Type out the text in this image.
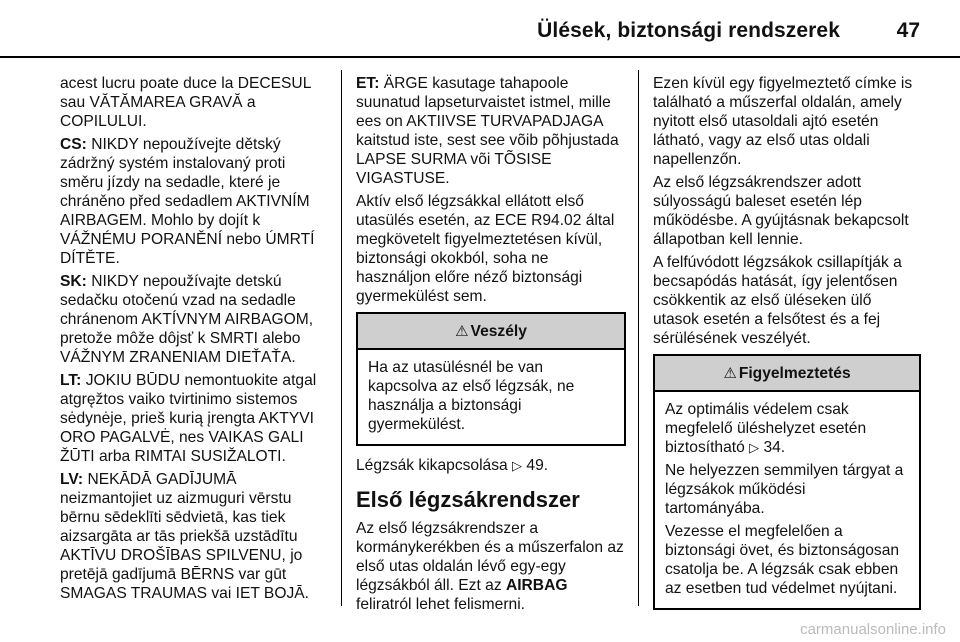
Ülések, biztonsági rendszerek	47

acest lucru poate duce la DECESUL sau VĂTĂMAREA GRAVĂ a COPILULUI.

CS: NIKDY nepoužívejte dětský zádržný systém instalovaný proti směru jízdy na sedadle, které je chráněno před sedadlem AKTIVNÍM AIRBAGEM. Mohlo by dojít k VÁŽNÉMU PORANĚNÍ nebo ÚMRTÍ DÍTĚTE.

SK: NIKDY nepoužívajte detskú sedačku otočenú vzad na sedadle chránenom AKTÍVNYM AIRBAGOM, pretože môže dôjsť k SMRTI alebo VÁŽNYM ZRANENIAM DIEŤAŤA.

LT: JOKIU BŪDU nemontuokite atgal atgręžtos vaiko tvirtinimo sistemos sėdynėje, prieš kurią įrengta AKTYVI ORO PAGALVĖ, nes VAIKAS GALI ŽŪTI arba RIMTAI SUSIŽALOTI.

LV: NEKĀDĀ GADĪJUMĀ neizmantojiet uz aizmuguri vērstu bērnu sēdeklīti sēdvietā, kas tiek aizsargāta ar tās priekšā uzstādītu AKTĪVU DROŠĪBAS SPILVENU, jo pretējā gadījumā BĒRNS var gūt SMAGAS TRAUMAS vai IET BOJĀ.

ET: ÄRGE kasutage tahapoole suunatud lapseturvaistet istmel, mille ees on AKTIIVSE TURVAPADJAGA kaitstud iste, sest see võib põhjustada LAPSE SURMA või TÕSISE VIGASTUSE.

Aktív első légzsákkal ellátott első utasülés esetén, az ECE R94.02 által megkövetelt figyelmeztetésen kívül, biztonsági okokból, soha ne használjon előre néző biztonsági gyermekülést sem.

⚠ Veszély

Ha az utasülésnél be van kapcsolva az első légzsák, ne használja a biztonsági gyermekülést.

Légzsák kikapcsolása ▷ 49.

Első légzsákrendszer

Az első légzsákrendszer a kormánykerékben és a műszerfalon az első utas oldalán lévő egy-egy légzsákból áll. Ezt az AIRBAG
feliratról lehet felismerni.

Ezen kívül egy figyelmeztető címke is található a műszerfal oldalán, amely nyitott első utasoldali ajtó esetén látható, vagy az első utas oldali napellenzőn.

Az első légzsákrendszer adott súlyosságú baleset esetén lép működésbe. A gyújtásnak bekapcsolt állapotban kell lennie.

A felfúvódott légzsákok csillapítják a becsapódás hatását, így jelentősen csökkentik az első üléseken ülő utasok esetén a felsőtest és a fej sérülésének veszélyét.

⚠ Figyelmeztetés

Az optimális védelem csak megfelelő üléshelyzet esetén biztosítható ▷ 34.

Ne helyezzen semmilyen tárgyat a légzsákok működési tartományába.

Vezesse el megfelelően a biztonsági övet, és biztonságosan csatolja be. A légzsák csak ebben az esetben tud védelmet nyújtani.

carmanualsonline.info
